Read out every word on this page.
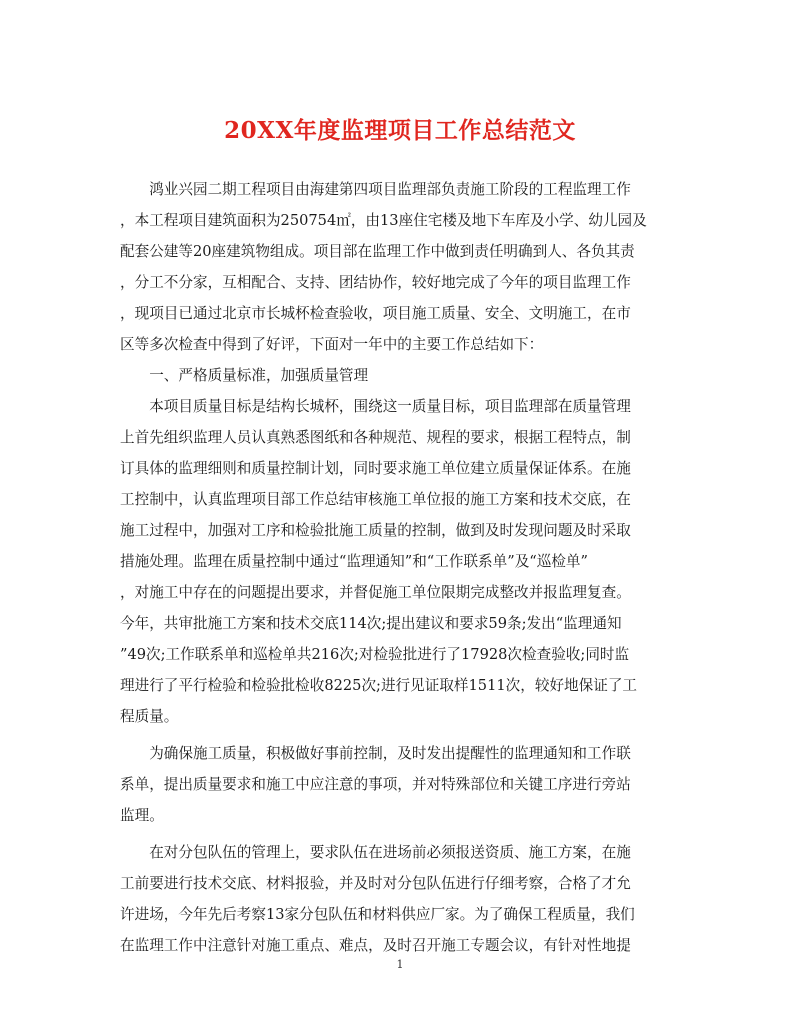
20XX年度监理项目工作总结范文

　　鸿业兴园二期工程项目由海建第四项目监理部负责施工阶段的工程监理工作

，本工程项目建筑面积为250754㎡，由13座住宅楼及地下车库及小学、幼儿园及

配套公建等20座建筑物组成。项目部在监理工作中做到责任明确到人、各负其责

，分工不分家，互相配合、支持、团结协作，较好地完成了今年的项目监理工作

，现项目已通过北京市长城杯检查验收，项目施工质量、安全、文明施工，在市

区等多次检查中得到了好评，下面对一年中的主要工作总结如下：

　　一、严格质量标准，加强质量管理

　　本项目质量目标是结构长城杯，围绕这一质量目标，项目监理部在质量管理

上首先组织监理人员认真熟悉图纸和各种规范、规程的要求，根据工程特点，制

订具体的监理细则和质量控制计划，同时要求施工单位建立质量保证体系。在施

工控制中，认真监理项目部工作总结审核施工单位报的施工方案和技术交底，在

施工过程中，加强对工序和检验批施工质量的控制，做到及时发现问题及时采取

措施处理。监理在质量控制中通过“监理通知”和“工作联系单”及“巡检单”

，对施工中存在的问题提出要求，并督促施工单位限期完成整改并报监理复查。

今年，共审批施工方案和技术交底114次;提出建议和要求59条;发出“监理通知

”49次;工作联系单和巡检单共216次;对检验批进行了17928次检查验收;同时监

理进行了平行检验和检验批检收8225次;进行见证取样1511次，较好地保证了工

程质量。

　　为确保施工质量，积极做好事前控制，及时发出提醒性的监理通知和工作联

系单，提出质量要求和施工中应注意的事项，并对特殊部位和关键工序进行旁站

监理。

　　在对分包队伍的管理上，要求队伍在进场前必须报送资质、施工方案，在施

工前要进行技术交底、材料报验，并及时对分包队伍进行仔细考察，合格了才允

许进场，今年先后考察13家分包队伍和材料供应厂家。为了确保工程质量，我们

在监理工作中注意针对施工重点、难点，及时召开施工专题会议，有针对性地提

1
